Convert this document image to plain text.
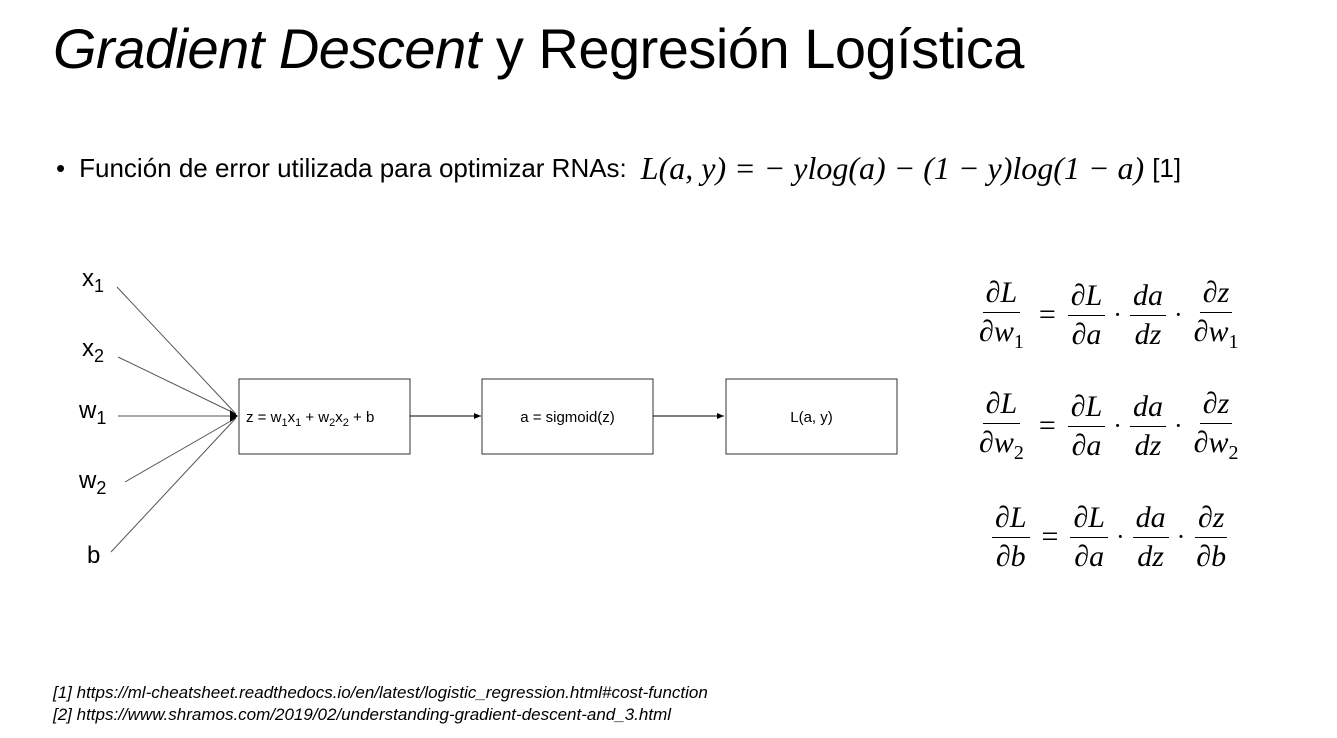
Gradient Descent y Regresión Logística
• Función de error utilizada para optimizar RNAs: L(a, y) = − ylog(a) − (1 − y)log(1 − a) [1]
$x_1$
$x_2$
$w_1$
$w_2$
b
$z = w_1x_1 + w_2x_2 + b$	a = sigmoid(z)	L(a, y)
$\frac{\partial L}{\partial w_1} = \frac{\partial L}{\partial a} \cdot \frac{da}{dz} \cdot \frac{\partial z}{\partial w_1}$
$\frac{\partial L}{\partial w_2} = \frac{\partial L}{\partial a} \cdot \frac{da}{dz} \cdot \frac{\partial z}{\partial w_2}$
$\frac{\partial L}{\partial b} = \frac{\partial L}{\partial a} \cdot \frac{da}{dz} \cdot \frac{\partial z}{\partial b}$
[1] https://ml-cheatsheet.readthedocs.io/en/latest/logistic_regression.html#cost-function
[2] https://www.shramos.com/2019/02/understanding-gradient-descent-and_3.html
